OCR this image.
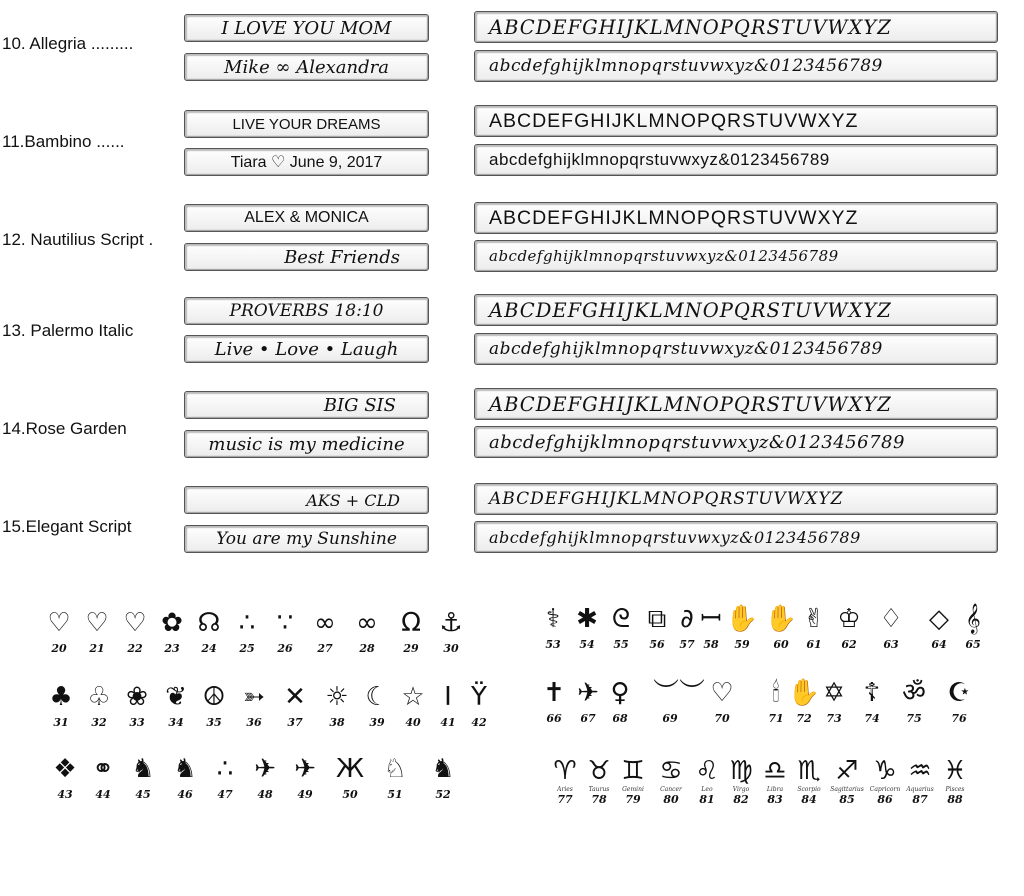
10. Allegria .........
I LOVE YOU MOM
Mike ∞ Alexandra
ABCDEFGHIJKLMNOPQRSTUVWXYZ
abcdefghijklmnopqrstuvwxyz&0123456789
11.Bambino ......
LIVE YOUR DREAMS
Tiara ♡ June 9, 2017
ABCDEFGHIJKLMNOPQRSTUVWXYZ
abcdefghijklmnopqrstuvwxyz&0123456789
12. Nautilius Script .
ALEX & MONICA
Best Friends
ABCDEFGHIJKLMNOPQRSTUVWXYZ
abcdefghijklmnopqrstuvwxyz&0123456789
13. Palermo Italic
PROVERBS 18:10
Live • Love • Laugh
ABCDEFGHIJKLMNOPQRSTUVWXYZ
abcdefghijklmnopqrstuvwxyz&0123456789
14.Rose Garden
BIG SIS
music is my medicine
ABCDEFGHIJKLMNOPQRSTUVWXYZ
abcdefghijklmnopqrstuvwxyz&0123456789
15.Elegant Script
AKS + CLD
You are my Sunshine
ABCDEFGHIJKLMNOPQRSTUVWXYZ
abcdefghijklmnopqrstuvwxyz&0123456789
♡
20
♡
21
♡
22
✿
23
☊
24
∴
25
∵
26
∞
27
∞
28
Ω
29
⚓
30
♣
31
♧
32
❀
33
❦
34
☮
35
➳
36
✕
37
☼
38
☾
39
☆
40
Ι
41
Ϋ
42
❖
43
⚭
44
♞
45
♞
46
∴
47
✈
48
✈
49
Ж
50
♘
51
♞
52
⚕
53
✱
54
ᘓ
55
⧉
56
∂
57
ꟷ
58
✋
59
✋
60
✌
61
♔
62
♢
63
◇
64
𝄞
65
✝
66
✈
67
♀
68
︶︶
69
♡
70
🕯
71
✋
72
✡
73
☦
74
ॐ
75
☪
76
♈
Aries
77
♉
Taurus
78
♊
Gemini
79
♋
Cancer
80
♌
Leo
81
♍
Virgo
82
♎
Libra
83
♏
Scorpio
84
♐
Sagittarius
85
♑
Capricorn
86
♒
Aquarius
87
♓
Pisces
88
